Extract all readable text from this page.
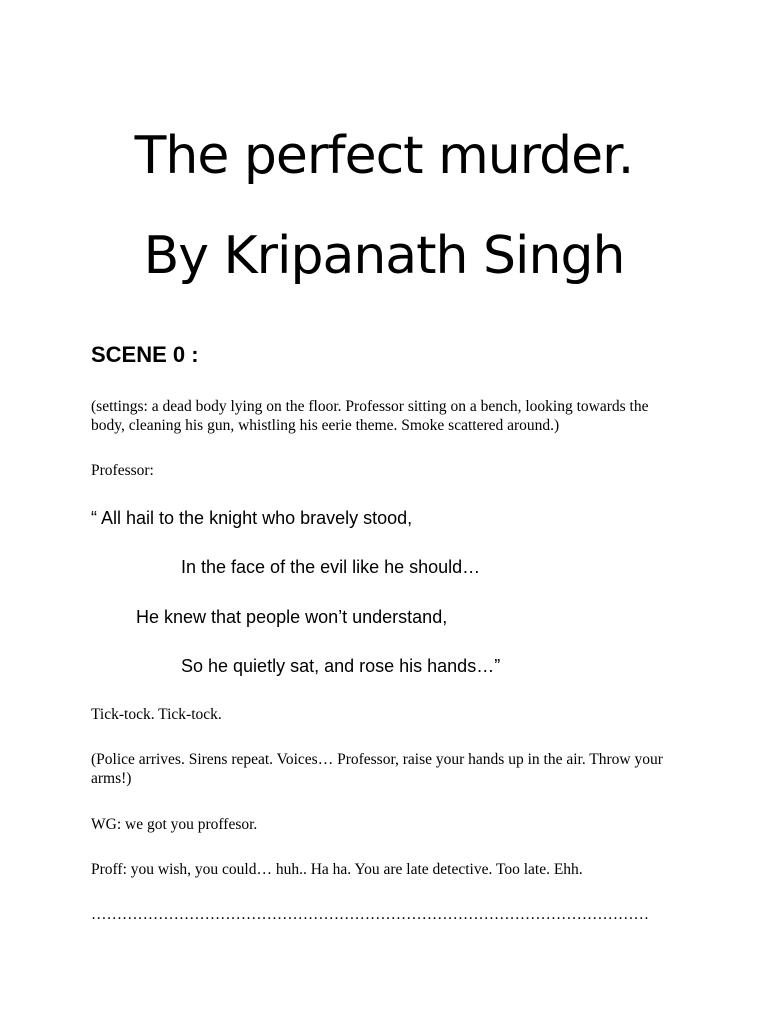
The perfect murder.
By Kripanath Singh
SCENE 0 :
(settings: a dead body lying on the floor. Professor sitting on a bench, looking towards the body, cleaning his gun, whistling his eerie theme. Smoke scattered around.)
Professor:
“ All hail to the knight who bravely stood,
In the face of the evil like he should…
He knew that people won’t understand,
So he quietly sat, and rose his hands…”
Tick-tock. Tick-tock.
(Police arrives. Sirens repeat. Voices… Professor, raise your hands up in the air. Throw your arms!)
WG: we got you proffesor.
Proff: you wish, you could… huh.. Ha ha. You are late detective. Too late. Ehh.
………………………………………………………………………………………………
